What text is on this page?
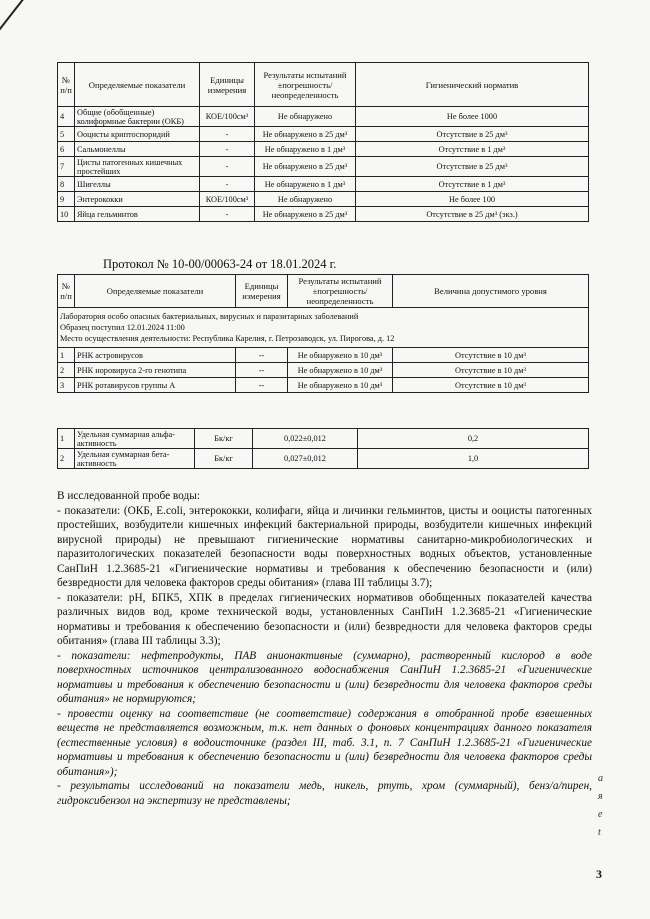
№ п/п	Определяемые показатели	Единицы измерения	Результаты испытаний ±погрешность/ неопределенность	Гигиенический норматив
4	Общие (обобщенные) колиформные бактерии (ОКБ)	КОЕ/100см³	Не обнаружено	Не более 1000
5	Ооцисты криптоспоридий	-	Не обнаружено в 25 дм³	Отсутствие в 25 дм³
6	Сальмонеллы	-	Не обнаружено в 1 дм³	Отсутствие в 1 дм³
7	Цисты патогенных кишечных простейших	-	Не обнаружено в 25 дм³	Отсутствие в 25 дм³
8	Шигеллы	-	Не обнаружено в 1 дм³	Отсутствие в 1 дм³
9	Энтерококки	КОЕ/100см³	Не обнаружено	Не более 100
10	Яйца гельминтов	-	Не обнаружено в 25 дм³	Отсутствие в 25 дм³ (экз.)
Протокол № 10-00/00063-24 от 18.01.2024 г.
№ п/п	Определяемые показатели	Единицы измерения	Результаты испытаний ±погрешность/ неопределенность	Величина допустимого уровня

Лаборатория особо опасных бактериальных, вирусных и паразитарных заболеваний
Образец поступил 12.01.2024 11:00
Место осуществления деятельности: Республика Карелия, г. Петрозаводск, ул. Пирогова, д. 12				

1	РНК астровирусов	--	Не обнаружено в 10 дм³	Отсутствие в 10 дм³
2	РНК норовируса 2-го генотипа	--	Не обнаружено в 10 дм³	Отсутствие в 10 дм³
3	РНК ротавирусов группы А	--	Не обнаружено в 10 дм³	Отсутствие в 10 дм³
1	Удельная суммарная альфа-активность	Бк/кг	0,022±0,012	0,2
2	Удельная суммарная бета-активность	Бк/кг	0,027±0,012	1,0

В исследованной пробе воды:

- показатели: (ОКБ, E.coli, энтерококки, колифаги, яйца и личинки гельминтов, цисты и ооцисты патогенных простейших, возбудители кишечных инфекций бактериальной природы, возбудители кишечных инфекций вирусной природы) не превышают гигиенические нормативы санитарно-микробиологических и паразитологических показателей безопасности воды поверхностных водных объектов, установленные СанПиН 1.2.3685-21 «Гигиенические нормативы и требования к обеспечению безопасности и (или) безвредности для человека факторов среды обитания» (глава III таблицы 3.7);

- показатели: рН, БПК5, ХПК в пределах гигиенических нормативов обобщенных показателей качества различных видов вод, кроме технической воды, установленных СанПиН 1.2.3685-21 «Гигиенические нормативы и требования к обеспечению безопасности и (или) безвредности для человека факторов среды обитания» (глава III таблицы 3.3);

- показатели: нефтепродукты, ПАВ анионактивные (суммарно), растворенный кислород в воде поверхностных источников централизованного водоснабжения СанПиН 1.2.3685-21 «Гигиенические нормативы и требования к обеспечению безопасности и (или) безвредности для человека факторов среды обитания» не нормируются;

- провести оценку на соответствие (не соответствие) содержания в отобранной пробе взвешенных веществ не представляется возможным, т.к. нет данных о фоновых концентрациях данного показателя (естественные условия) в водоисточнике (раздел III, таб. 3.1, п. 7 СанПиН 1.2.3685-21 «Гигиенические нормативы и требования к обеспечению безопасности и (или) безвредности для человека факторов среды обитания»);

- результаты исследований на показатели медь, никель, ртуть, хром (суммарный), бенз/а/пирен, гидроксибензол на экспертизу не представлены;

а
я
е
t
3
